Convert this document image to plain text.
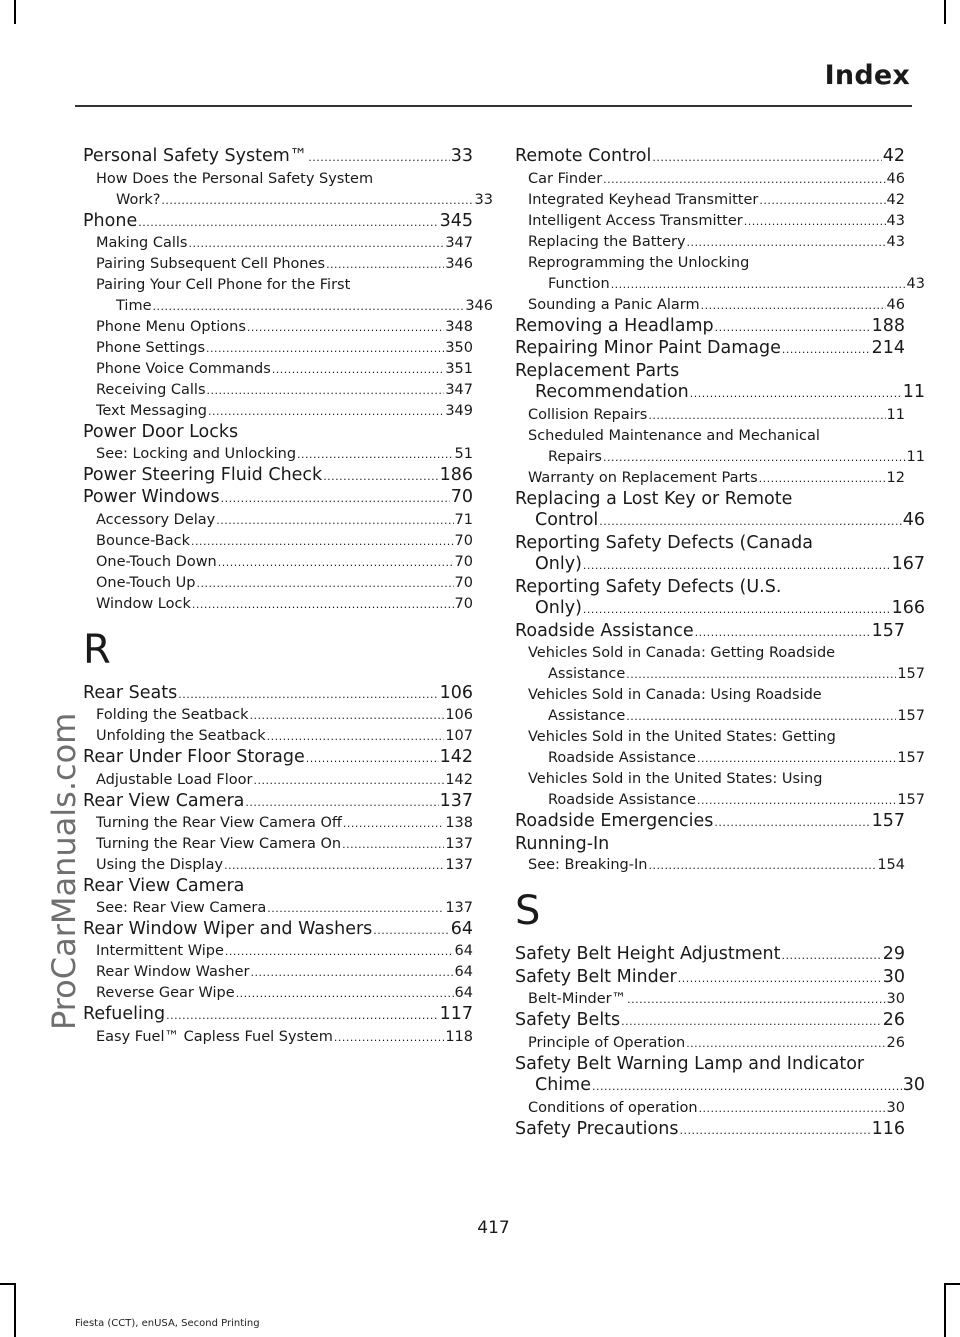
Index
ProCarManuals.com
Personal Safety System™ .....	33
How Does the Personal Safety System
Work? .....	33
Phone .....	345
Making Calls .....	347
Pairing Subsequent Cell Phones .....	346
Pairing Your Cell Phone for the First
Time .....	346
Phone Menu Options .....	348
Phone Settings .....	350
Phone Voice Commands .....	351
Receiving Calls .....	347
Text Messaging .....	349
Power Door Locks
See: Locking and Unlocking .....	51
Power Steering Fluid Check .....	186
Power Windows .....	70
Accessory Delay .....	71
Bounce-Back .....	70
One-Touch Down .....	70
One-Touch Up .....	70
Window Lock .....	70
R
Rear Seats .....	106
Folding the Seatback .....	106
Unfolding the Seatback .....	107
Rear Under Floor Storage .....	142
Adjustable Load Floor .....	142
Rear View Camera .....	137
Turning the Rear View Camera Off .....	138
Turning the Rear View Camera On .....	137
Using the Display .....	137
Rear View Camera
See: Rear View Camera .....	137
Rear Window Wiper and Washers .....	64
Intermittent Wipe .....	64
Rear Window Washer .....	64
Reverse Gear Wipe .....	64
Refueling .....	117
Easy Fuel™ Capless Fuel System .....	118
Remote Control .....	42
Car Finder .....	46
Integrated Keyhead Transmitter .....	42
Intelligent Access Transmitter .....	43
Replacing the Battery .....	43
Reprogramming the Unlocking
Function .....	43
Sounding a Panic Alarm .....	46
Removing a Headlamp .....	188
Repairing Minor Paint Damage .....	214
Replacement Parts
Recommendation .....	11
Collision Repairs .....	11
Scheduled Maintenance and Mechanical
Repairs .....	11
Warranty on Replacement Parts .....	12
Replacing a Lost Key or Remote
Control .....	46
Reporting Safety Defects (Canada
Only) .....	167
Reporting Safety Defects (U.S.
Only) .....	166
Roadside Assistance .....	157
Vehicles Sold in Canada: Getting Roadside
Assistance .....	157
Vehicles Sold in Canada: Using Roadside
Assistance .....	157
Vehicles Sold in the United States: Getting
Roadside Assistance .....	157
Vehicles Sold in the United States: Using
Roadside Assistance .....	157
Roadside Emergencies .....	157
Running-In
See: Breaking-In .....	154
S
Safety Belt Height Adjustment .....	29
Safety Belt Minder .....	30
Belt-Minder™ .....	30
Safety Belts .....	26
Principle of Operation .....	26
Safety Belt Warning Lamp and Indicator
Chime .....	30
Conditions of operation .....	30
Safety Precautions .....	116
417
Fiesta (CCT), enUSA, Second Printing
